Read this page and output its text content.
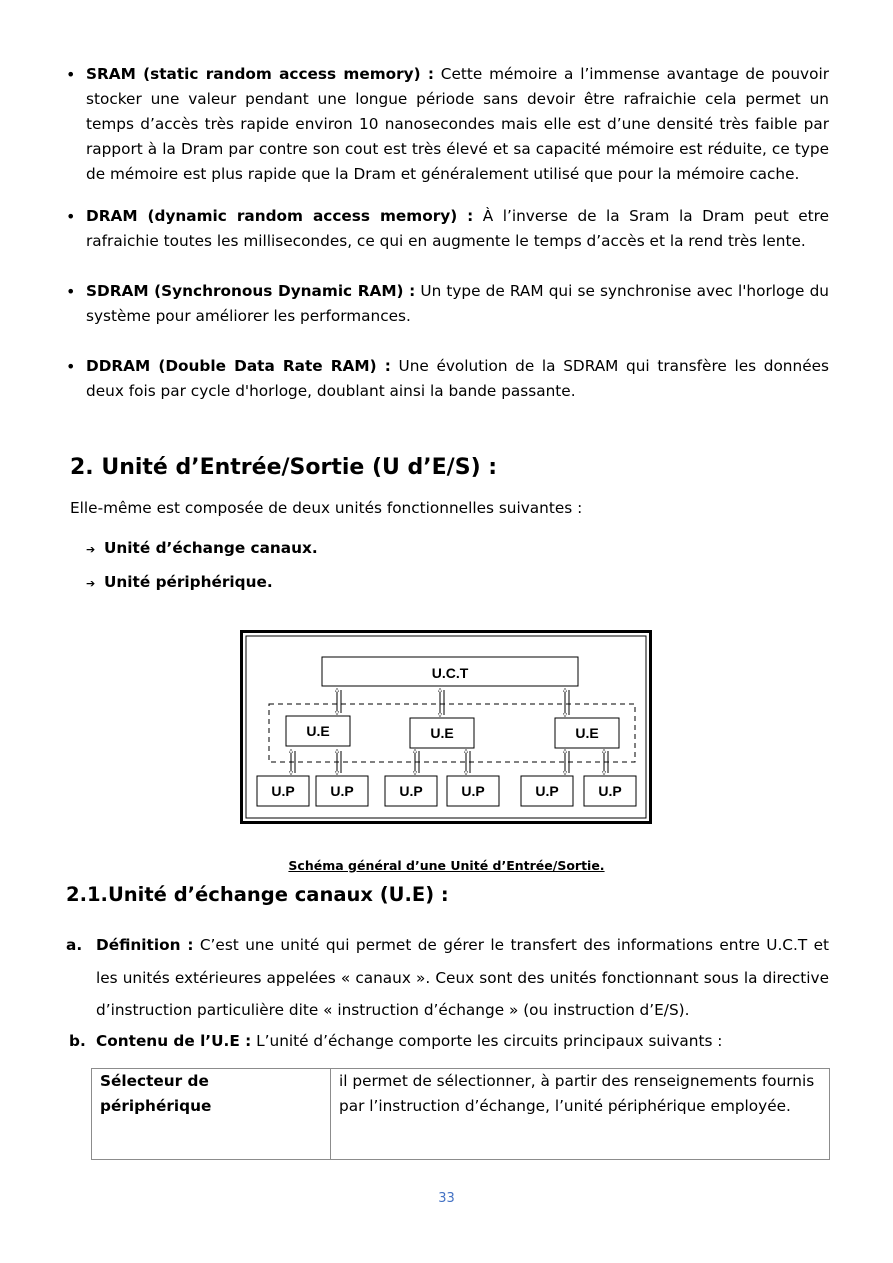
• SRAM (static random access memory) : Cette mémoire a l’immense avantage de pouvoir stocker une valeur pendant une longue période sans devoir être rafraichie cela permet un temps d’accès très rapide environ 10 nanosecondes mais elle est d’une densité très faible par rapport à la Dram par contre son cout est très élevé et sa capacité mémoire est réduite, ce type de mémoire est plus rapide que la Dram et généralement utilisé que pour la mémoire cache.
• DRAM (dynamic random access memory) : À l’inverse de la Sram la Dram peut etre rafraichie toutes les millisecondes, ce qui en augmente le temps d’accès et la rend très lente.
• SDRAM (Synchronous Dynamic RAM) : Un type de RAM qui se synchronise avec l'horloge du système pour améliorer les performances.
• DDRAM (Double Data Rate RAM) : Une évolution de la SDRAM qui transfère les données deux fois par cycle d'horloge, doublant ainsi la bande passante.
2. Unité d’Entrée/Sortie (U d’E/S) :

Elle-même est composée de deux unités fonctionnelles suivantes :

➔ Unité d’échange canaux.
➔ Unité périphérique.
U.C.T
U.E	U.E	U.E
U.P	U.P	U.P	U.P	U.P	U.P
Schéma général d’une Unité d’Entrée/Sortie.
2.1.Unité d’échange canaux (U.E) :
a. Définition : C’est une unité qui permet de gérer le transfert des informations entre U.C.T et les unités extérieures appelées « canaux ». Ceux sont des unités fonctionnant sous la directive d’instruction particulière dite « instruction d’échange » (ou instruction d’E/S).
b. Contenu de l’U.E : L’unité d’échange comporte les circuits principaux suivants :
Sélecteur de périphérique	il permet de sélectionner, à partir des renseignements fournis par l’instruction d’échange, l’unité périphérique employée.
33
